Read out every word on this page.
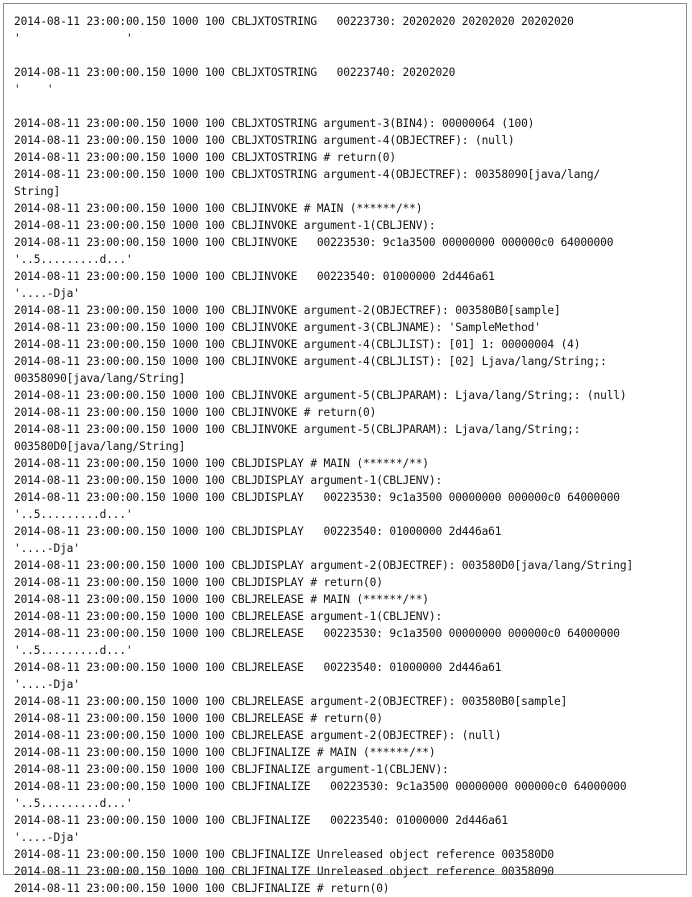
2014-08-11 23:00:00.150 1000 100 CBLJXTOSTRING   00223730: 20202020 20202020 20202020
'                '
2014-08-11 23:00:00.150 1000 100 CBLJXTOSTRING   00223740: 20202020
'    '
2014-08-11 23:00:00.150 1000 100 CBLJXTOSTRING argument-3(BIN4): 00000064 (100)
2014-08-11 23:00:00.150 1000 100 CBLJXTOSTRING argument-4(OBJECTREF): (null)
2014-08-11 23:00:00.150 1000 100 CBLJXTOSTRING # return(0)
2014-08-11 23:00:00.150 1000 100 CBLJXTOSTRING argument-4(OBJECTREF): 00358090[java/lang/
String]
2014-08-11 23:00:00.150 1000 100 CBLJINVOKE # MAIN (******/**)
2014-08-11 23:00:00.150 1000 100 CBLJINVOKE argument-1(CBLJENV):
2014-08-11 23:00:00.150 1000 100 CBLJINVOKE   00223530: 9c1a3500 00000000 000000c0 64000000
'..5.........d...'
2014-08-11 23:00:00.150 1000 100 CBLJINVOKE   00223540: 01000000 2d446a61
'....-Dja'
2014-08-11 23:00:00.150 1000 100 CBLJINVOKE argument-2(OBJECTREF): 003580B0[sample]
2014-08-11 23:00:00.150 1000 100 CBLJINVOKE argument-3(CBLJNAME): 'SampleMethod'
2014-08-11 23:00:00.150 1000 100 CBLJINVOKE argument-4(CBLJLIST): [01] 1: 00000004 (4)
2014-08-11 23:00:00.150 1000 100 CBLJINVOKE argument-4(CBLJLIST): [02] Ljava/lang/String;:
00358090[java/lang/String]
2014-08-11 23:00:00.150 1000 100 CBLJINVOKE argument-5(CBLJPARAM): Ljava/lang/String;: (null)
2014-08-11 23:00:00.150 1000 100 CBLJINVOKE # return(0)
2014-08-11 23:00:00.150 1000 100 CBLJINVOKE argument-5(CBLJPARAM): Ljava/lang/String;:
003580D0[java/lang/String]
2014-08-11 23:00:00.150 1000 100 CBLJDISPLAY # MAIN (******/**)
2014-08-11 23:00:00.150 1000 100 CBLJDISPLAY argument-1(CBLJENV):
2014-08-11 23:00:00.150 1000 100 CBLJDISPLAY   00223530: 9c1a3500 00000000 000000c0 64000000
'..5.........d...'
2014-08-11 23:00:00.150 1000 100 CBLJDISPLAY   00223540: 01000000 2d446a61
'....-Dja'
2014-08-11 23:00:00.150 1000 100 CBLJDISPLAY argument-2(OBJECTREF): 003580D0[java/lang/String]
2014-08-11 23:00:00.150 1000 100 CBLJDISPLAY # return(0)
2014-08-11 23:00:00.150 1000 100 CBLJRELEASE # MAIN (******/**)
2014-08-11 23:00:00.150 1000 100 CBLJRELEASE argument-1(CBLJENV):
2014-08-11 23:00:00.150 1000 100 CBLJRELEASE   00223530: 9c1a3500 00000000 000000c0 64000000
'..5.........d...'
2014-08-11 23:00:00.150 1000 100 CBLJRELEASE   00223540: 01000000 2d446a61
'....-Dja'
2014-08-11 23:00:00.150 1000 100 CBLJRELEASE argument-2(OBJECTREF): 003580B0[sample]
2014-08-11 23:00:00.150 1000 100 CBLJRELEASE # return(0)
2014-08-11 23:00:00.150 1000 100 CBLJRELEASE argument-2(OBJECTREF): (null)
2014-08-11 23:00:00.150 1000 100 CBLJFINALIZE # MAIN (******/**)
2014-08-11 23:00:00.150 1000 100 CBLJFINALIZE argument-1(CBLJENV):
2014-08-11 23:00:00.150 1000 100 CBLJFINALIZE   00223530: 9c1a3500 00000000 000000c0 64000000
'..5.........d...'
2014-08-11 23:00:00.150 1000 100 CBLJFINALIZE   00223540: 01000000 2d446a61
'....-Dja'
2014-08-11 23:00:00.150 1000 100 CBLJFINALIZE Unreleased object reference 003580D0
2014-08-11 23:00:00.150 1000 100 CBLJFINALIZE Unreleased object reference 00358090
2014-08-11 23:00:00.150 1000 100 CBLJFINALIZE # return(0)
